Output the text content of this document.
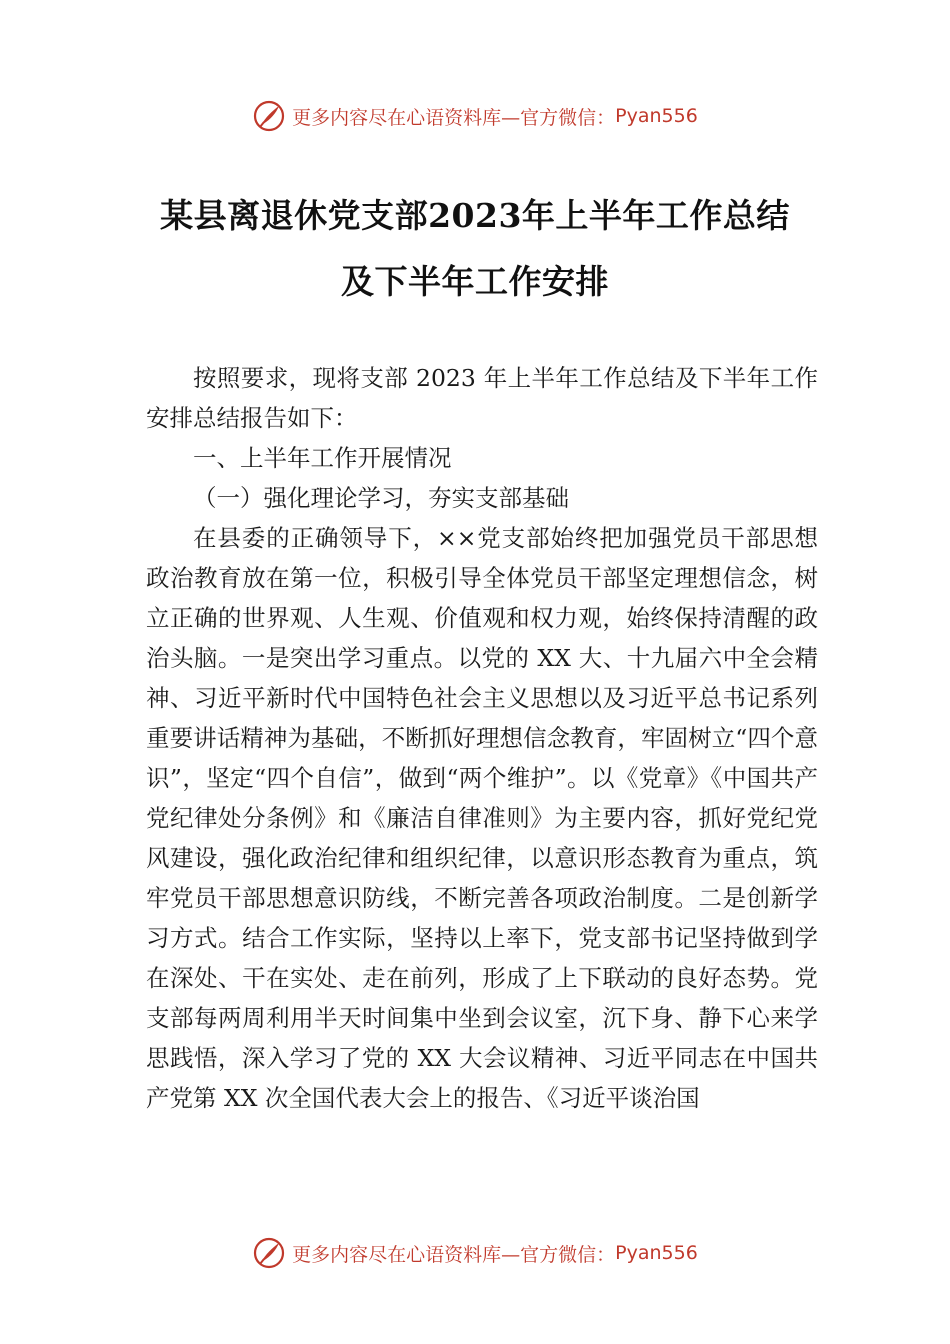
更多内容尽在心语资料库—官方微信： Pyan556
某县离退休党支部2023年上半年工作总结
及下半年工作安排

按照要求，现将支部 2023 年上半年工作总结及下半年工作安排总结报告如下：

一、上半年工作开展情况

（一）强化理论学习，夯实支部基础

在县委的正确领导下，××党支部始终把加强党员干部思想政治教育放在第一位，积极引导全体党员干部坚定理想信念，树立正确的世界观、人生观、价值观和权力观，始终保持清醒的政治头脑。一是突出学习重点。以党的 XX 大、十九届六中全会精神、习近平新时代中国特色社会主义思想以及习近平总书记系列重要讲话精神为基础，不断抓好理想信念教育，牢固树立“四个意识”，坚定“四个自信”，做到“两个维护”。以《党章》《中国共产党纪律处分条例》和《廉洁自律准则》为主要内容，抓好党纪党风建设，强化政治纪律和组织纪律，以意识形态教育为重点，筑牢党员干部思想意识防线，不断完善各项政治制度。二是创新学习方式。结合工作实际，坚持以上率下，党支部书记坚持做到学在深处、干在实处、走在前列，形成了上下联动的良好态势。党支部每两周利用半天时间集中坐到会议室，沉下身、静下心来学思践悟，深入学习了党的 XX 大会议精神、习近平同志在中国共产党第 XX 次全国代表大会上的报告、《习近平谈治国

更多内容尽在心语资料库—官方微信： Pyan556
